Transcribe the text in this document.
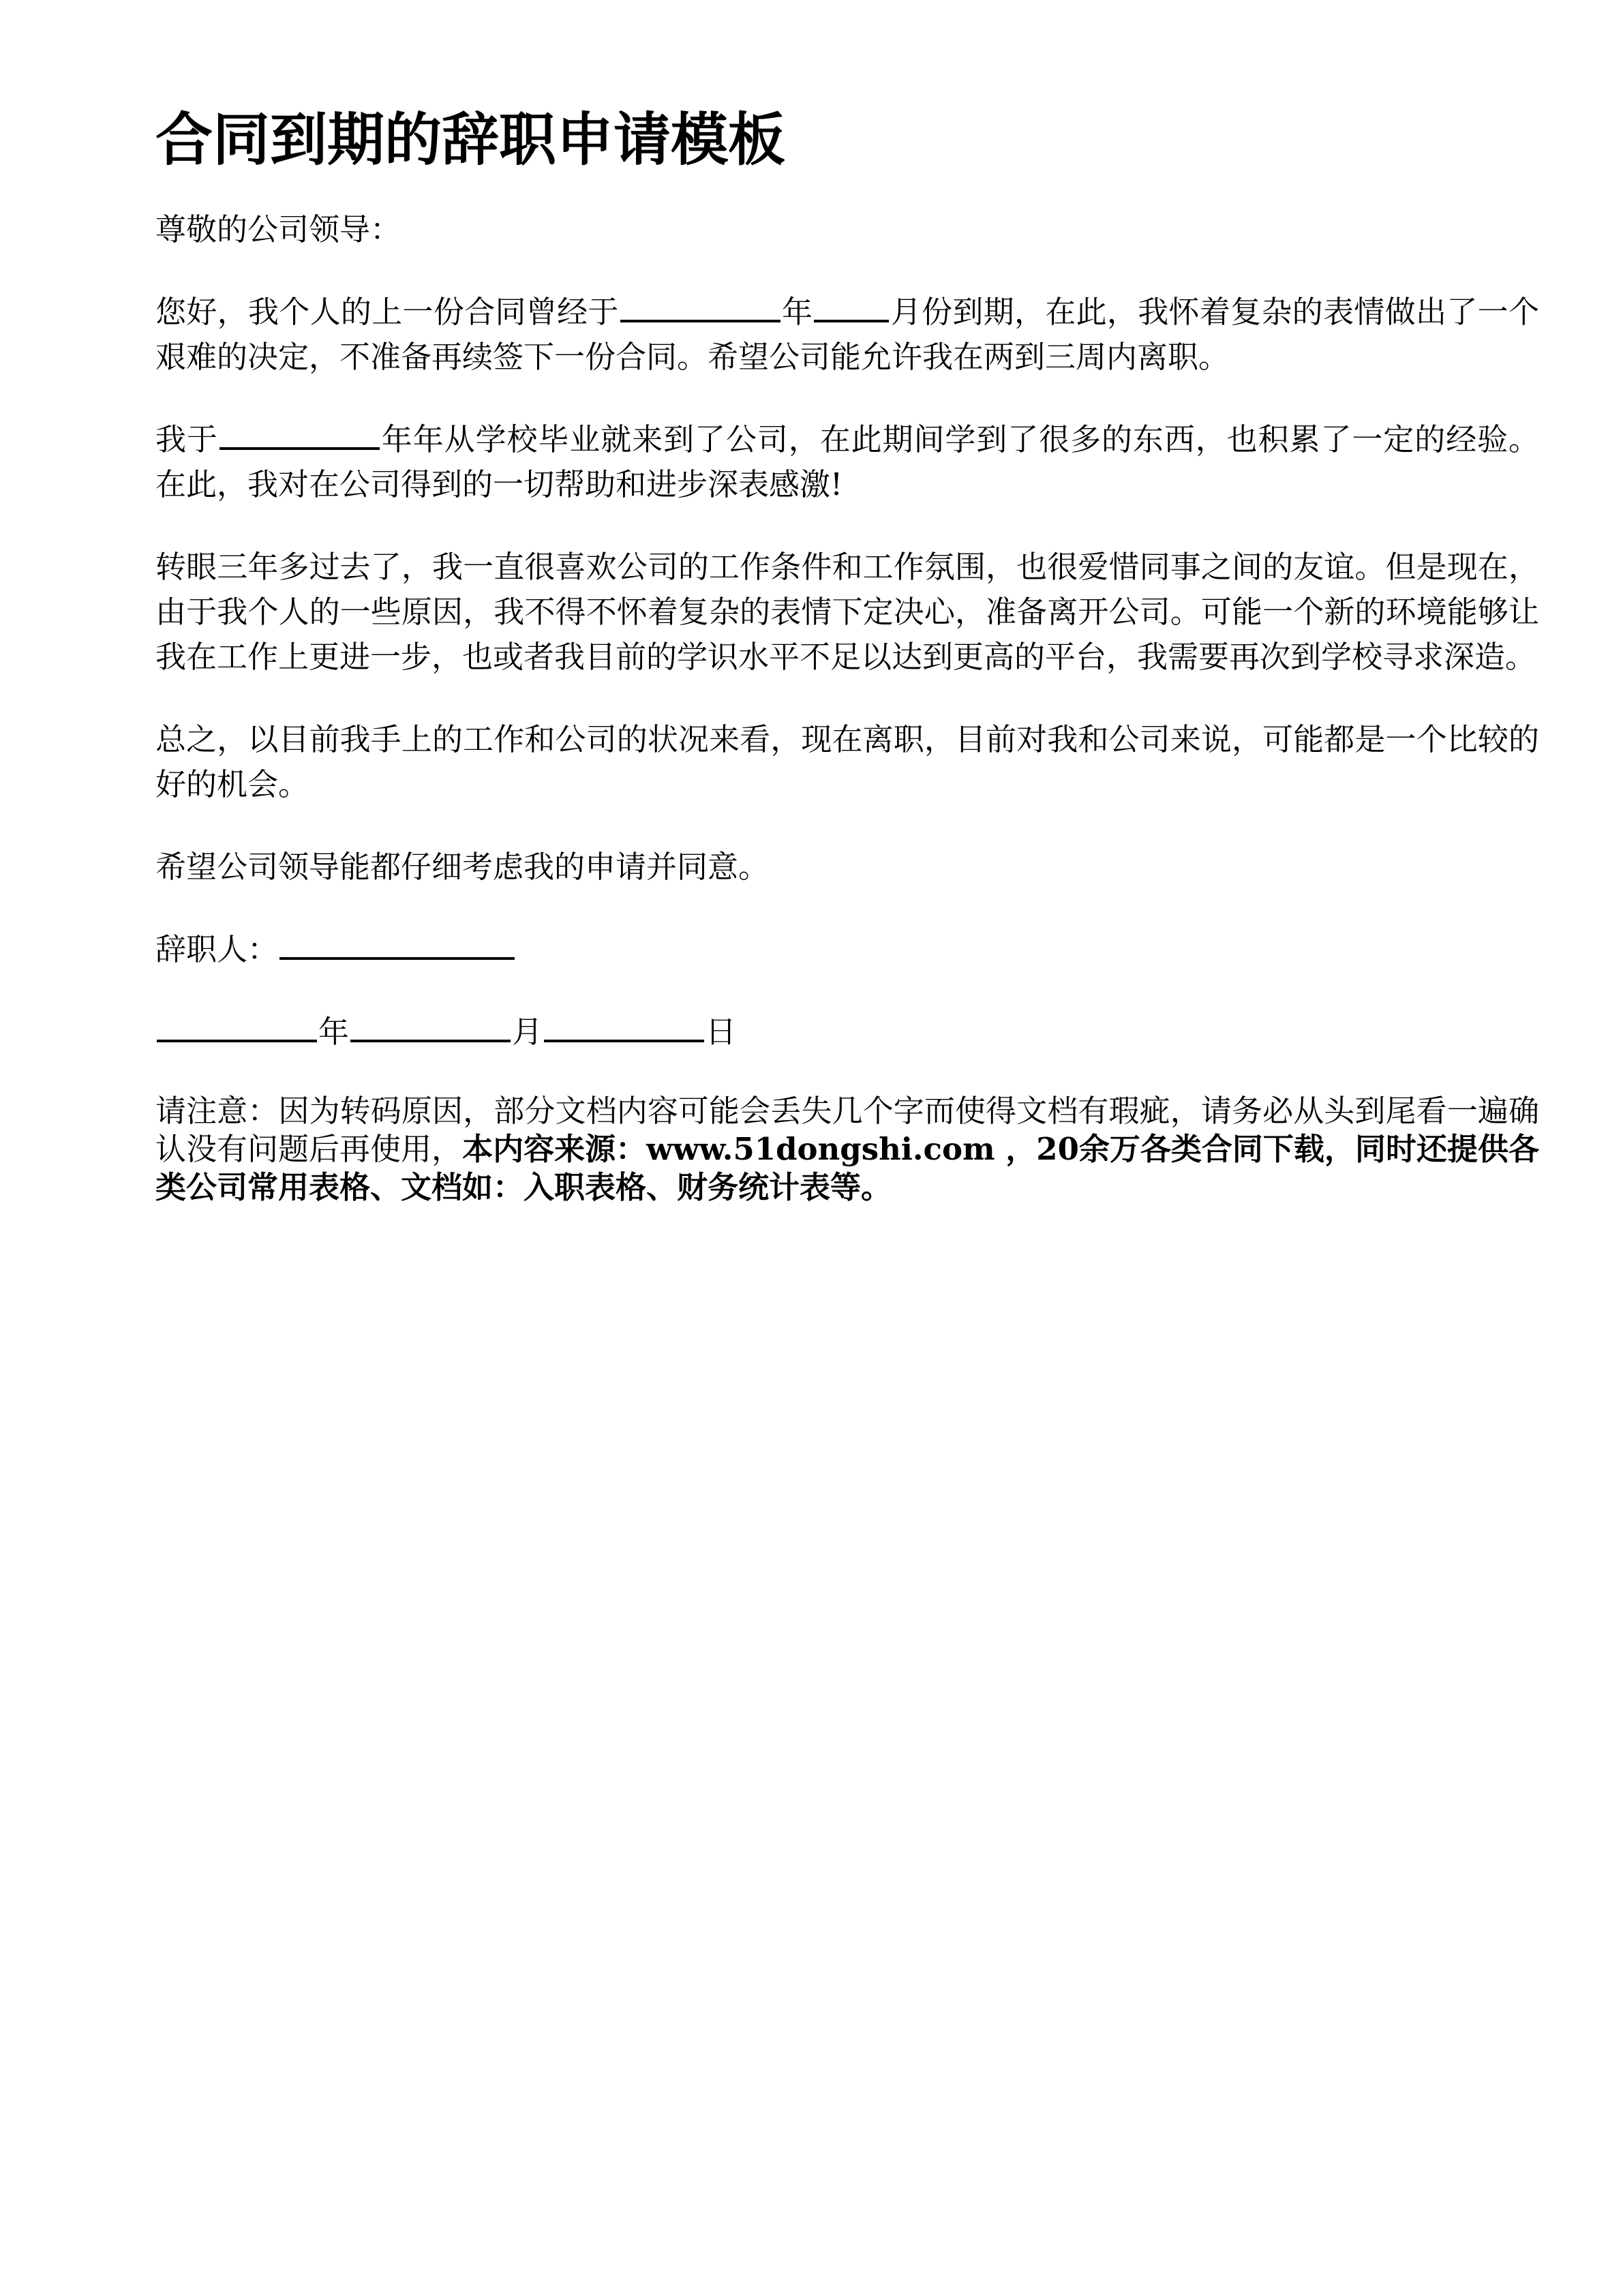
合同到期的辞职申请模板

尊敬的公司领导：

您好，我个人的上一份合同曾经于	年	月份到期，在此，我怀着复杂的表情做出了一个艰难的决定，不准备再续签下一份合同。希望公司能允许我在两到三周内离职。

我于	年年从学校毕业就来到了公司，在此期间学到了很多的东西，也积累了一定的经验。在此，我对在公司得到的一切帮助和进步深表感激!

转眼三年多过去了，我一直很喜欢公司的工作条件和工作氛围，也很爱惜同事之间的友谊。但是现在，由于我个人的一些原因，我不得不怀着复杂的表情下定决心，准备离开公司。可能一个新的环境能够让我在工作上更进一步，也或者我目前的学识水平不足以达到更高的平台，我需要再次到学校寻求深造。

总之，以目前我手上的工作和公司的状况来看，现在离职，目前对我和公司来说，可能都是一个比较的好的机会。

希望公司领导能都仔细考虑我的申请并同意。

辞职人：
年	月	日

请注意：因为转码原因，部分文档内容可能会丢失几个字而使得文档有瑕疵，请务必从头到尾看一遍确认没有问题后再使用，本内容来源：www.51dongshi.com ，20余万各类合同下载，同时还提供各类公司常用表格、文档如：入职表格、财务统计表等。
